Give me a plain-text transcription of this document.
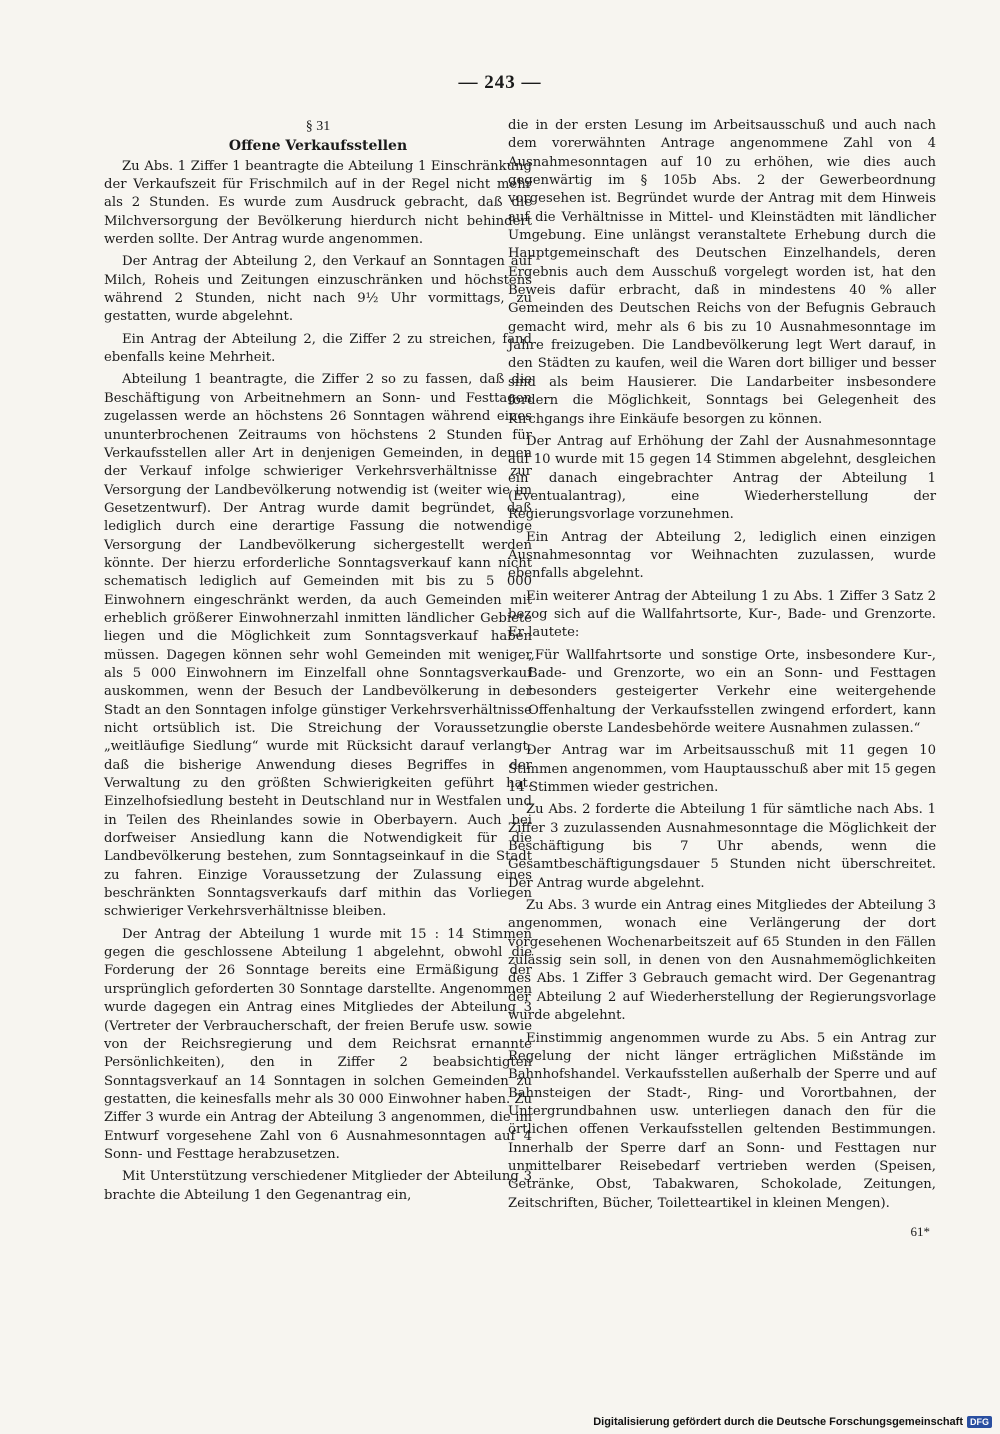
— 243 —
§ 31
Offene Verkaufsstellen

Zu Abs. 1 Ziffer 1 beantragte die Abteilung 1 Einschränkung der Verkaufszeit für Frischmilch auf in der Regel nicht mehr als 2 Stunden. Es wurde zum Ausdruck gebracht, daß die Milchversorgung der Bevölkerung hierdurch nicht behindert werden sollte. Der Antrag wurde angenommen.

Der Antrag der Abteilung 2, den Verkauf an Sonntagen auf Milch, Roheis und Zeitungen einzuschränken und höchstens während 2 Stunden, nicht nach 9½ Uhr vormittags, zu gestatten, wurde abgelehnt.

Ein Antrag der Abteilung 2, die Ziffer 2 zu streichen, fand ebenfalls keine Mehrheit.

Abteilung 1 beantragte, die Ziffer 2 so zu fassen, daß die Beschäftigung von Arbeitnehmern an Sonn- und Festtagen zugelassen werde an höchstens 26 Sonntagen während eines ununterbrochenen Zeitraums von höchstens 2 Stunden für Verkaufsstellen aller Art in denjenigen Gemeinden, in denen der Verkauf infolge schwieriger Verkehrsverhältnisse zur Versorgung der Landbevölkerung notwendig ist (weiter wie im Gesetzentwurf). Der Antrag wurde damit begründet, daß lediglich durch eine derartige Fassung die notwendige Versorgung der Landbevölkerung sichergestellt werden könnte. Der hierzu erforderliche Sonntagsverkauf kann nicht schematisch lediglich auf Gemeinden mit bis zu 5 000 Einwohnern eingeschränkt werden, da auch Gemeinden mit erheblich größerer Einwohnerzahl inmitten ländlicher Gebiete liegen und die Möglichkeit zum Sonntagsverkauf haben müssen. Dagegen können sehr wohl Gemeinden mit weniger als 5 000 Einwohnern im Einzelfall ohne Sonntagsverkauf auskommen, wenn der Besuch der Landbevölkerung in der Stadt an den Sonntagen infolge günstiger Verkehrsverhältnisse nicht ortsüblich ist. Die Streichung der Voraussetzung „weitläufige Siedlung“ wurde mit Rücksicht darauf verlangt, daß die bisherige Anwendung dieses Begriffes in der Verwaltung zu den größten Schwierigkeiten geführt hat. Einzelhofsiedlung besteht in Deutschland nur in Westfalen und in Teilen des Rheinlandes sowie in Oberbayern. Auch bei dorfweiser Ansiedlung kann die Notwendigkeit für die Landbevölkerung bestehen, zum Sonntagseinkauf in die Stadt zu fahren. Einzige Voraussetzung der Zulassung eines beschränkten Sonntagsverkaufs darf mithin das Vorliegen schwieriger Verkehrsverhältnisse bleiben.

Der Antrag der Abteilung 1 wurde mit 15 : 14 Stimmen gegen die geschlossene Abteilung 1 abgelehnt, obwohl die Forderung der 26 Sonntage bereits eine Ermäßigung der ursprünglich geforderten 30 Sonntage darstellte. Angenommen wurde dagegen ein Antrag eines Mitgliedes der Abteilung 3 (Vertreter der Verbraucherschaft, der freien Berufe usw. sowie von der Reichsregierung und dem Reichsrat ernannte Persönlichkeiten), den in Ziffer 2 beabsichtigten Sonntagsverkauf an 14 Sonntagen in solchen Gemeinden zu gestatten, die keinesfalls mehr als 30 000 Einwohner haben. Zu Ziffer 3 wurde ein Antrag der Abteilung 3 angenommen, die im Entwurf vorgesehene Zahl von 6 Ausnahmesonntagen auf 4 Sonn- und Festtage herabzusetzen.

Mit Unterstützung verschiedener Mitglieder der Abteilung 3 brachte die Abteilung 1 den Gegenantrag ein,

die in der ersten Lesung im Arbeitsausschuß und auch nach dem vorerwähnten Antrage angenommene Zahl von 4 Ausnahmesonntagen auf 10 zu erhöhen, wie dies auch gegenwärtig im § 105b Abs. 2 der Gewerbeordnung vorgesehen ist. Begründet wurde der Antrag mit dem Hinweis auf die Verhältnisse in Mittel- und Kleinstädten mit ländlicher Umgebung. Eine unlängst veranstaltete Erhebung durch die Hauptgemeinschaft des Deutschen Einzelhandels, deren Ergebnis auch dem Ausschuß vorgelegt worden ist, hat den Beweis dafür erbracht, daß in mindestens 40 % aller Gemeinden des Deutschen Reichs von der Befugnis Gebrauch gemacht wird, mehr als 6 bis zu 10 Ausnahmesonntage im Jahre freizugeben. Die Landbevölkerung legt Wert darauf, in den Städten zu kaufen, weil die Waren dort billiger und besser sind als beim Hausierer. Die Landarbeiter insbesondere fordern die Möglichkeit, Sonntags bei Gelegenheit des Kirchgangs ihre Einkäufe besorgen zu können.

Der Antrag auf Erhöhung der Zahl der Ausnahmesonntage auf 10 wurde mit 15 gegen 14 Stimmen abgelehnt, desgleichen ein danach eingebrachter Antrag der Abteilung 1 (Eventualantrag), eine Wiederherstellung der Regierungsvorlage vorzunehmen.

Ein Antrag der Abteilung 2, lediglich einen einzigen Ausnahmesonntag vor Weihnachten zuzulassen, wurde ebenfalls abgelehnt.

Ein weiterer Antrag der Abteilung 1 zu Abs. 1 Ziffer 3 Satz 2 bezog sich auf die Wallfahrtsorte, Kur-, Bade- und Grenzorte. Er lautete:

„Für Wallfahrtsorte und sonstige Orte, insbesondere Kur-, Bade- und Grenzorte, wo ein an Sonn- und Festtagen besonders gesteigerter Verkehr eine weitergehende Offenhaltung der Verkaufsstellen zwingend erfordert, kann die oberste Landesbehörde weitere Ausnahmen zulassen.“

Der Antrag war im Arbeitsausschuß mit 11 gegen 10 Stimmen angenommen, vom Hauptausschuß aber mit 15 gegen 14 Stimmen wieder gestrichen.

Zu Abs. 2 forderte die Abteilung 1 für sämtliche nach Abs. 1 Ziffer 3 zuzulassenden Ausnahmesonntage die Möglichkeit der Beschäftigung bis 7 Uhr abends, wenn die Gesamtbeschäftigungsdauer 5 Stunden nicht überschreitet. Der Antrag wurde abgelehnt.

Zu Abs. 3 wurde ein Antrag eines Mitgliedes der Abteilung 3 angenommen, wonach eine Verlängerung der dort vorgesehenen Wochenarbeitszeit auf 65 Stunden in den Fällen zulässig sein soll, in denen von den Ausnahmemöglichkeiten des Abs. 1 Ziffer 3 Gebrauch gemacht wird. Der Gegenantrag der Abteilung 2 auf Wiederherstellung der Regierungsvorlage wurde abgelehnt.

Einstimmig angenommen wurde zu Abs. 5 ein Antrag zur Regelung der nicht länger erträglichen Mißstände im Bahnhofshandel. Verkaufsstellen außerhalb der Sperre und auf Bahnsteigen der Stadt-, Ring- und Vorortbahnen, der Untergrundbahnen usw. unterliegen danach den für die örtlichen offenen Verkaufsstellen geltenden Bestimmungen. Innerhalb der Sperre darf an Sonn- und Festtagen nur unmittelbarer Reisebedarf vertrieben werden (Speisen, Getränke, Obst, Tabakwaren, Schokolade, Zeitungen, Zeitschriften, Bücher, Toiletteartikel in kleinen Mengen).

61*
Digitalisierung gefördert durch die Deutsche Forschungsgemeinschaft DFG
